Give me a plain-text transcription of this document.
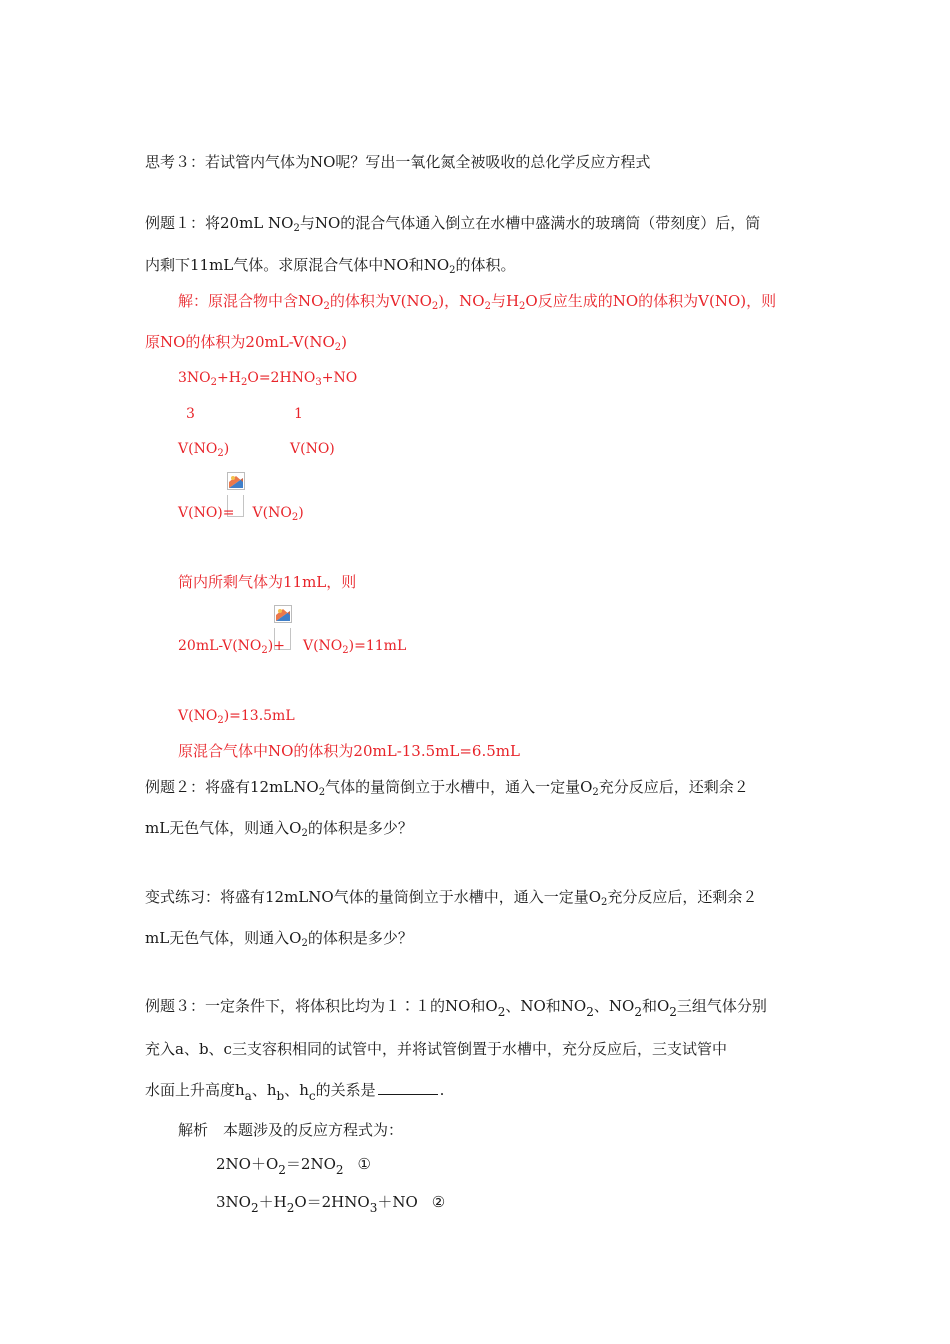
思考３：若试管内气体为NO呢？写出一氧化氮全被吸收的总化学反应方程式
例题１：将20mL $NO_2$与NO的混合气体通入倒立在水槽中盛满水的玻璃筒（带刻度）后，筒
内剩下11mL气体。求原混合气体中NO和$NO_2$的体积。
解：原混合物中含$NO_2$的体积为$V(NO_2)$，$NO_2$与$H_2O$反应生成的NO的体积为V(NO)，则
原NO的体积为$20mL-V(NO_2)$
$3NO_2+H_2O=2HNO_3+NO$
3	1
$V(NO_2)$	V(NO)
$V(NO)= V(NO_2)$
筒内所剩气体为11mL，则
$20mL-V(NO_2)+ V(NO_2)=11mL$
$V(NO_2)=13.5mL$
原混合气体中NO的体积为20mL-13.5mL=6.5mL
例题２：将盛有12mLNO$_2$气体的量筒倒立于水槽中，通入一定量$O_2$充分反应后，还剩余２
mL无色气体，则通入$O_2$的体积是多少？
变式练习：将盛有12mLNO气体的量筒倒立于水槽中，通入一定量$O_2$充分反应后，还剩余２
mL无色气体，则通入$O_2$的体积是多少？
例题３：一定条件下，将体积比均为１∶１的NO和$O_2$、NO和$NO_2$、$NO_2$和$O_2$三组气体分别
充入a、b、c三支容积相同的试管中，并将试管倒置于水槽中，充分反应后，三支试管中
水面上升高度$h_a$、$h_b$、$h_c$的关系是	.
解析　本题涉及的反应方程式为：
$2NO+O_2=2NO_2$ ①
$3NO_2+H_2O=2HNO_3+NO$ ②
